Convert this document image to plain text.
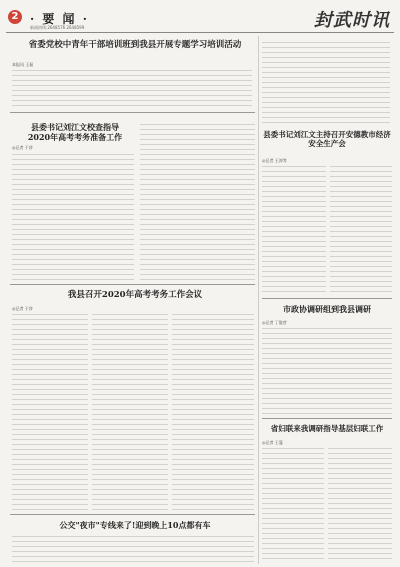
2 · 要 闻 ·
新闻热线:2648576 2648599	封武时讯
省委党校中青年干部培训班到我县开展专题学习培训活动
本报讯 王磊
县委书记刘江文校查指导2020年高考考务准备工作
◎记者 于莎
县委书记刘江文主持召开安德教市经济安全生产会
◎记者 王涛等
市政协调研组到我县调研
◎记者 丁俊营
我县召开2020年高考考务工作会议
◎记者 于莎
省妇联来我调研指导基层妇联工作
◎记者 王蔻
公交"夜市"专线来了!迎到晚上10点都有车
